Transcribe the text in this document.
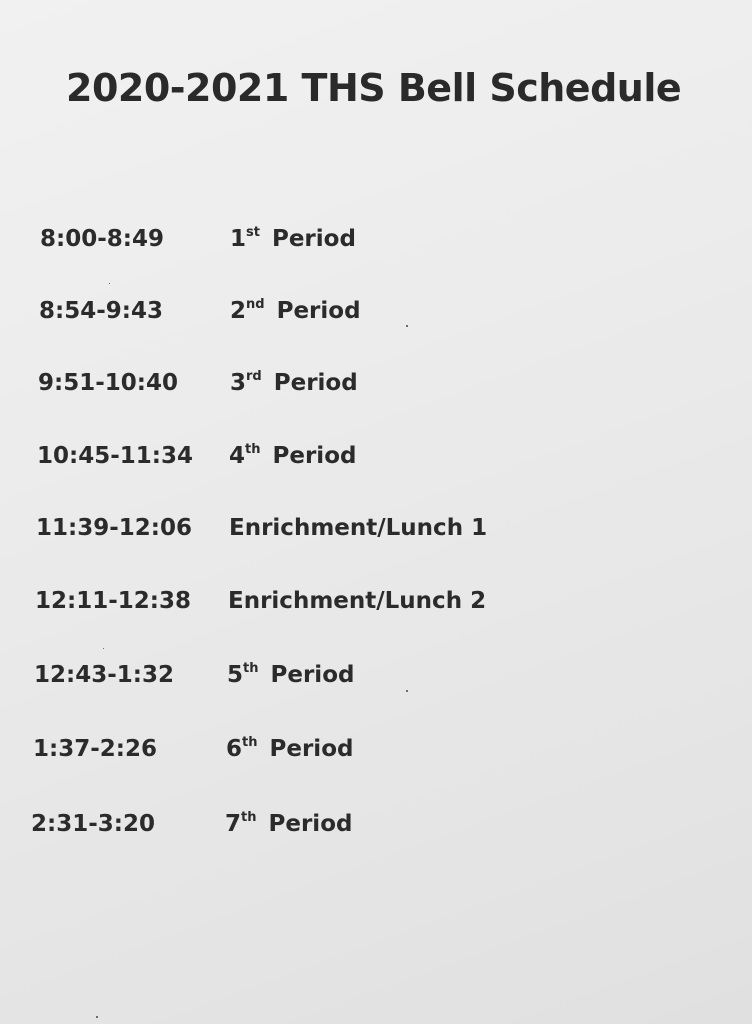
2020-2021 THS Bell Schedule
8:00-8:49	1st Period
8:54-9:43	2nd Period
9:51-10:40 3rd Period
10:45-11:34 4th Period
11:39-12:06 Enrichment/Lunch 1
12:11-12:38 Enrichment/Lunch 2
12:43-1:32 5th Period
1:37-2:26	6th Period
2:31-3:20	7th Period
